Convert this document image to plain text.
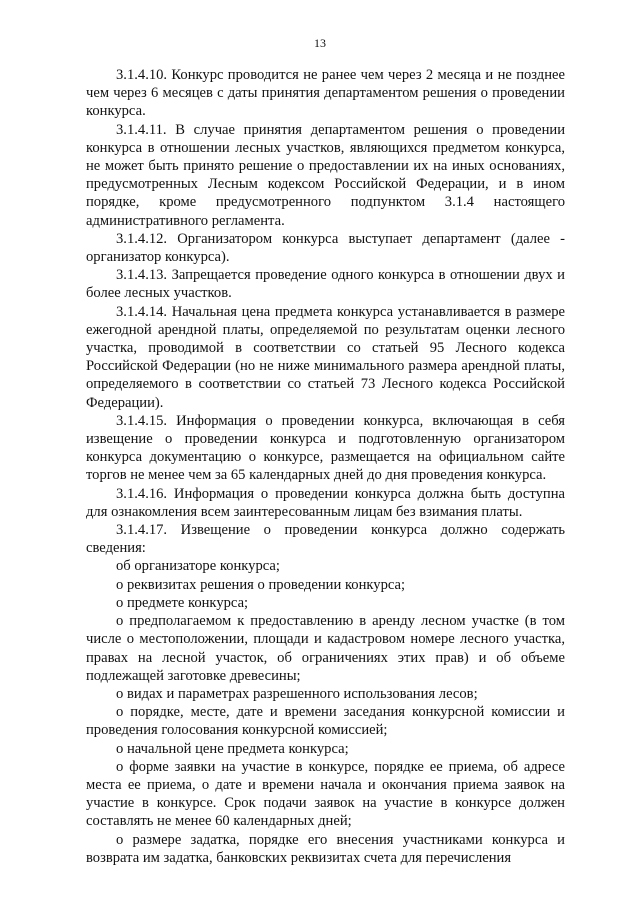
13

3.1.4.10. Конкурс проводится не ранее чем через 2 месяца и не позднее чем через 6 месяцев с даты принятия департаментом решения о проведении конкурса.

3.1.4.11. В случае принятия департаментом решения о проведении конкурса в отношении лесных участков, являющихся предметом конкурса, не может быть принято решение о предоставлении их на иных основаниях, предусмотренных Лесным кодексом Российской Федерации, и в ином порядке, кроме предусмотренного подпунктом 3.1.4 настоящего административного регламента.

3.1.4.12. Организатором конкурса выступает департамент (далее - организатор конкурса).

3.1.4.13. Запрещается проведение одного конкурса в отношении двух и более лесных участков.

3.1.4.14. Начальная цена предмета конкурса устанавливается в размере ежегодной арендной платы, определяемой по результатам оценки лесного участка, проводимой в соответствии со статьей 95 Лесного кодекса Российской Федерации (но не ниже минимального размера арендной платы, определяемого в соответствии со статьей 73 Лесного кодекса Российской Федерации).

3.1.4.15. Информация о проведении конкурса, включающая в себя извещение о проведении конкурса и подготовленную организатором конкурса документацию о конкурсе, размещается на официальном сайте торгов не менее чем за 65 календарных дней до дня проведения конкурса.

3.1.4.16. Информация о проведении конкурса должна быть доступна для ознакомления всем заинтересованным лицам без взимания платы.

3.1.4.17. Извещение о проведении конкурса должно содержать сведения:

об организаторе конкурса;

о реквизитах решения о проведении конкурса;

о предмете конкурса;

о предполагаемом к предоставлению в аренду лесном участке (в том числе о местоположении, площади и кадастровом номере лесного участка, правах на лесной участок, об ограничениях этих прав) и об объеме подлежащей заготовке древесины;

о видах и параметрах разрешенного использования лесов;

о порядке, месте, дате и времени заседания конкурсной комиссии и проведения голосования конкурсной комиссией;

о начальной цене предмета конкурса;

о форме заявки на участие в конкурсе, порядке ее приема, об адресе места ее приема, о дате и времени начала и окончания приема заявок на участие в конкурсе. Срок подачи заявок на участие в конкурсе должен составлять не менее 60 календарных дней;

о размере задатка, порядке его внесения участниками конкурса и возврата им задатка, банковских реквизитах счета для перечисления
